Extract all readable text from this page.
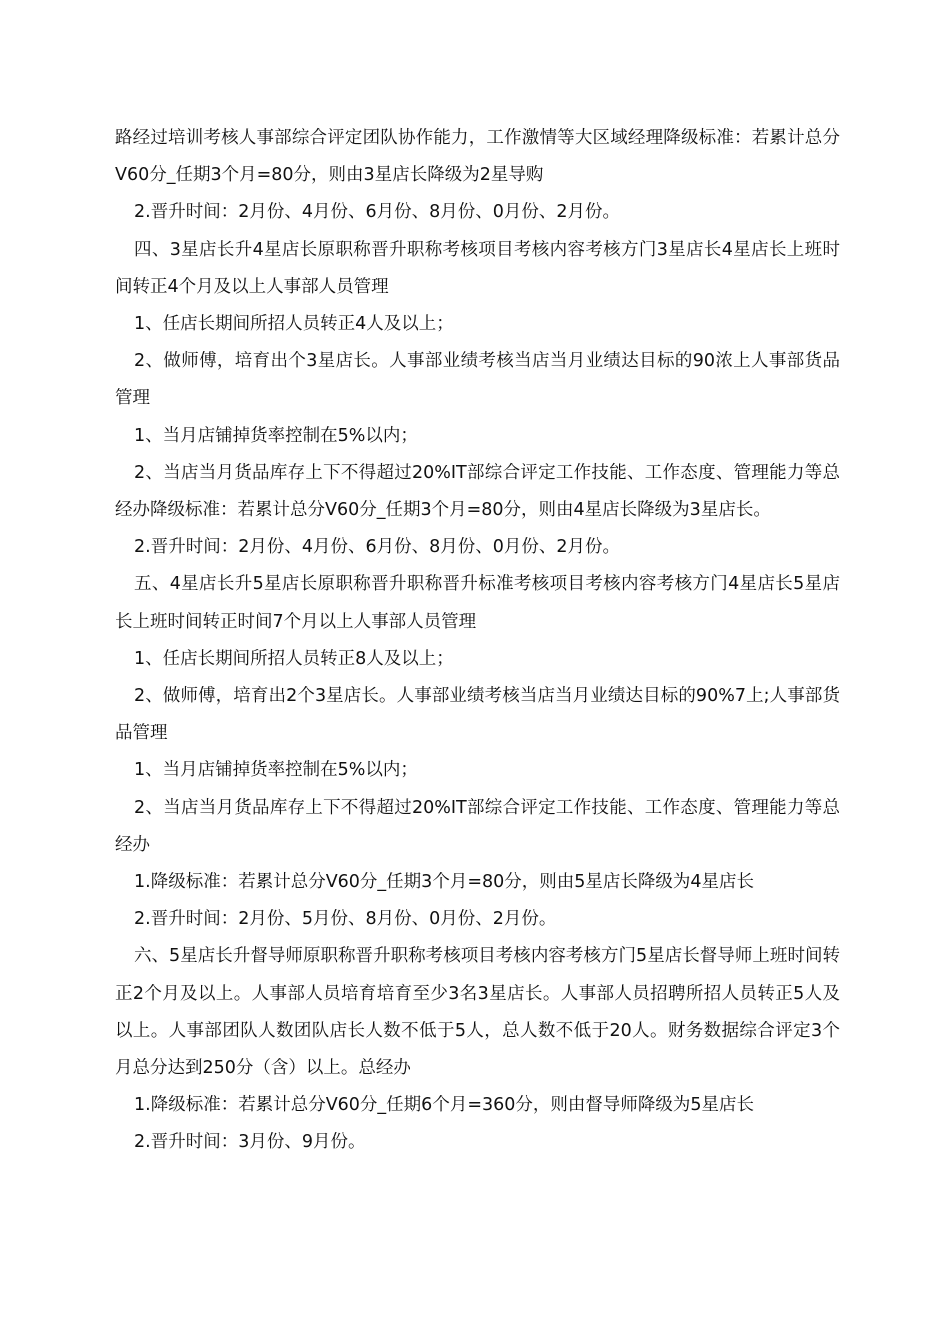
路经过培训考核人事部综合评定团队协作能力，工作激情等大区域经理降级标准：若累计总分V60分_任期3个月=80分，则由3星店长降级为2星导购

2.晋升时间：2月份、4月份、6月份、8月份、0月份、2月份。

四、3星店长升4星店长原职称晋升职称考核项目考核内容考核方门3星店长4星店长上班时间转正4个月及以上人事部人员管理

1、任店长期间所招人员转正4人及以上；

2、做师傅，培育出个3星店长。人事部业绩考核当店当月业绩达目标的90浓上人事部货品管理

1、当月店铺掉货率控制在5%以内；

2、当店当月货品库存上下不得超过20%IT部综合评定工作技能、工作态度、管理能力等总经办降级标准：若累计总分V60分_任期3个月=80分，则由4星店长降级为3星店长。

2.晋升时间：2月份、4月份、6月份、8月份、0月份、2月份。

五、4星店长升5星店长原职称晋升职称晋升标准考核项目考核内容考核方门4星店长5星店长上班时间转正时间7个月以上人事部人员管理

1、任店长期间所招人员转正8人及以上；

2、做师傅，培育出2个3星店长。人事部业绩考核当店当月业绩达目标的90%7上;人事部货品管理

1、当月店铺掉货率控制在5%以内；

2、当店当月货品库存上下不得超过20%IT部综合评定工作技能、工作态度、管理能力等总经办

1.降级标准：若累计总分V60分_任期3个月=80分，则由5星店长降级为4星店长

2.晋升时间：2月份、5月份、8月份、0月份、2月份。

六、5星店长升督导师原职称晋升职称考核项目考核内容考核方门5星店长督导师上班时间转正2个月及以上。人事部人员培育培育至少3名3星店长。人事部人员招聘所招人员转正5人及以上。人事部团队人数团队店长人数不低于5人，总人数不低于20人。财务数据综合评定3个月总分达到250分（含）以上。总经办

1.降级标准：若累计总分V60分_任期6个月=360分，则由督导师降级为5星店长

2.晋升时间：3月份、9月份。
